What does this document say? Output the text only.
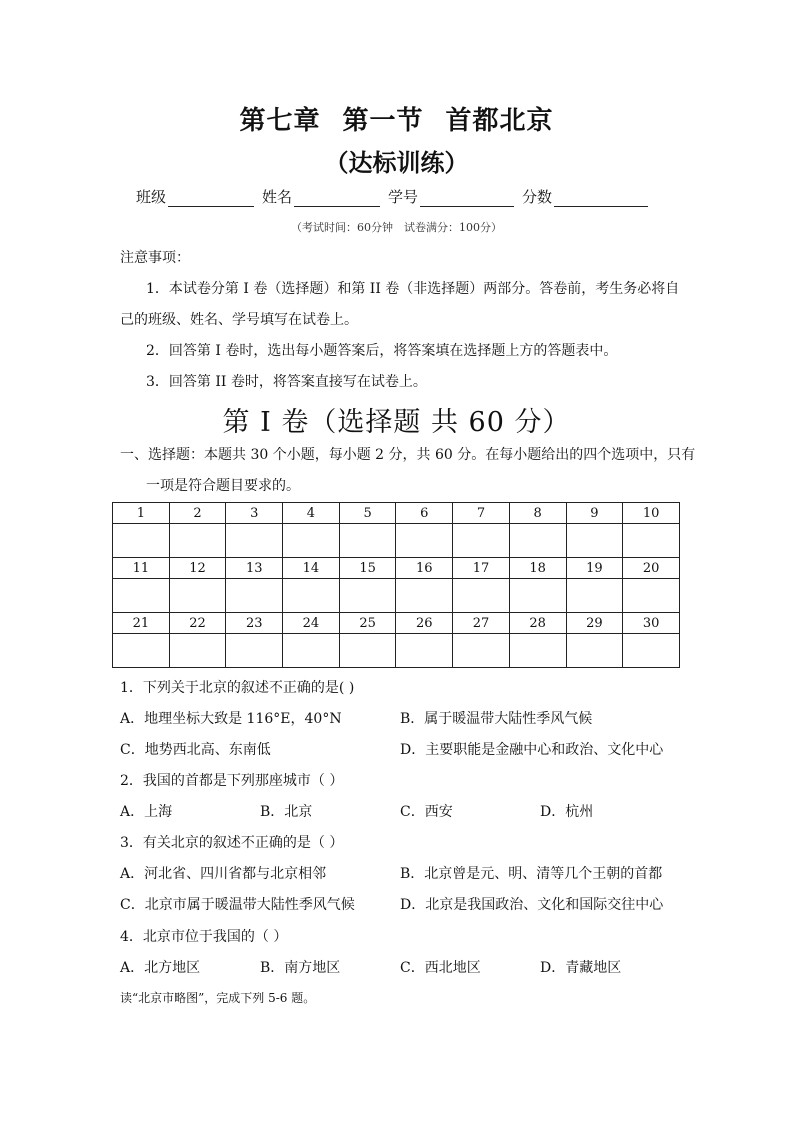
第七章 第一节 首都北京
（达标训练）
班级	姓名	学号	分数
（考试时间：60分钟　试卷满分：100分）
注意事项：
1．本试卷分第 I 卷（选择题）和第 II 卷（非选择题）两部分。答卷前，考生务必将自
己的班级、姓名、学号填写在试卷上。
2．回答第 I 卷时，选出每小题答案后，将答案填在选择题上方的答题表中。
3．回答第 II 卷时，将答案直接写在试卷上。
第 I 卷（选择题 共 60 分）
一、选择题：本题共 30 个小题，每小题 2 分，共 60 分。在每小题给出的四个选项中，只有
一项是符合题目要求的。
1	2	3	4	5	6	7	8	9	10

11	12	13	14	15	16	17	18	19	20

21	22	23	24	25	26	27	28	29	30

1．下列关于北京的叙述不正确的是( )
A．地理坐标大致是 116°E，40°N	B．属于暖温带大陆性季风气候
C．地势西北高、东南低	D．主要职能是金融中心和政治、文化中心
2．我国的首都是下列那座城市（ ）
A．上海	B．北京	C．西安	D．杭州
3．有关北京的叙述不正确的是（ ）
A．河北省、四川省都与北京相邻	B．北京曾是元、明、清等几个王朝的首都
C．北京市属于暖温带大陆性季风气候	D．北京是我国政治、文化和国际交往中心
4．北京市位于我国的（ ）
A．北方地区	B．南方地区	C．西北地区	D．青藏地区
读“北京市略图”，完成下列 5-6 题。
